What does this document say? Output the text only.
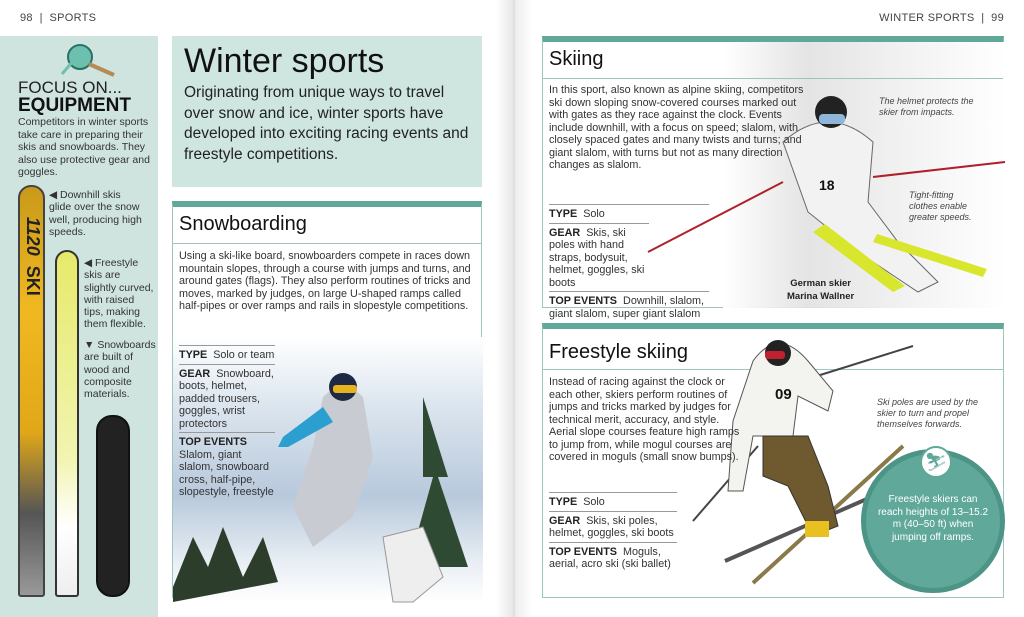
98 | SPORTS	WINTER SPORTS | 99
FOCUS ON...
EQUIPMENT
Competitors in winter sports take care in preparing their skis and snowboards. They also use protective gear and goggles.
◀ Downhill skis glide over the snow well, producing high speeds.
◀ Freestyle skis are slightly curved, with raised tips, making them flexible.
▼ Snowboards are built of wood and composite materials.
1120SKI
Winter sports

Originating from unique ways to travel over snow and ice, winter sports have developed into exciting racing events and freestyle competitions.

Snowboarding
Using a ski-like board, snowboarders compete in races down mountain slopes, through a course with jumps and turns, and around gates (flags). They also perform routines of tricks and moves, marked by judges, on large U-shaped ramps called half-pipes or over ramps and rails in slopestyle competitions.
TYPE Solo or team
GEAR Snowboard, boots, helmet, padded trousers, goggles, wrist protectors
TOP EVENTS
Slalom, giant slalom, snowboard cross, half-pipe, slopestyle, freestyle
18
Skiing
In this sport, also known as alpine skiing, competitors ski down sloping snow-covered courses marked out with gates as they race against the clock. Events include downhill, with a focus on speed; slalom, with closely spaced gates and many twists and turns; and giant slalom, with turns but not as many direction changes as slalom.
TYPE Solo
GEAR Skis, ski poles with hand straps, bodysuit, helmet, goggles, ski boots
TOP EVENTS Downhill, slalom, giant slalom, super giant slalom
The helmet protects the skier from impacts.
Tight-fitting clothes enable greater speeds.
German skier
Marina Wallner
Freestyle skiing
Instead of racing against the clock or each other, skiers perform routines of jumps and tricks marked by judges for technical merit, accuracy, and style. Aerial slope courses feature high ramps to jump from, while mogul courses are covered in moguls (small snow bumps).
09	Ski poles are used by the skier to turn and propel themselves forwards.
TYPE Solo
GEAR Skis, ski poles, helmet, goggles, ski boots
TOP EVENTS Moguls, aerial, acro ski (ski ballet)
⛷
Freestyle skiers can reach heights of 13–15.2 m (40–50 ft) when jumping off ramps.
